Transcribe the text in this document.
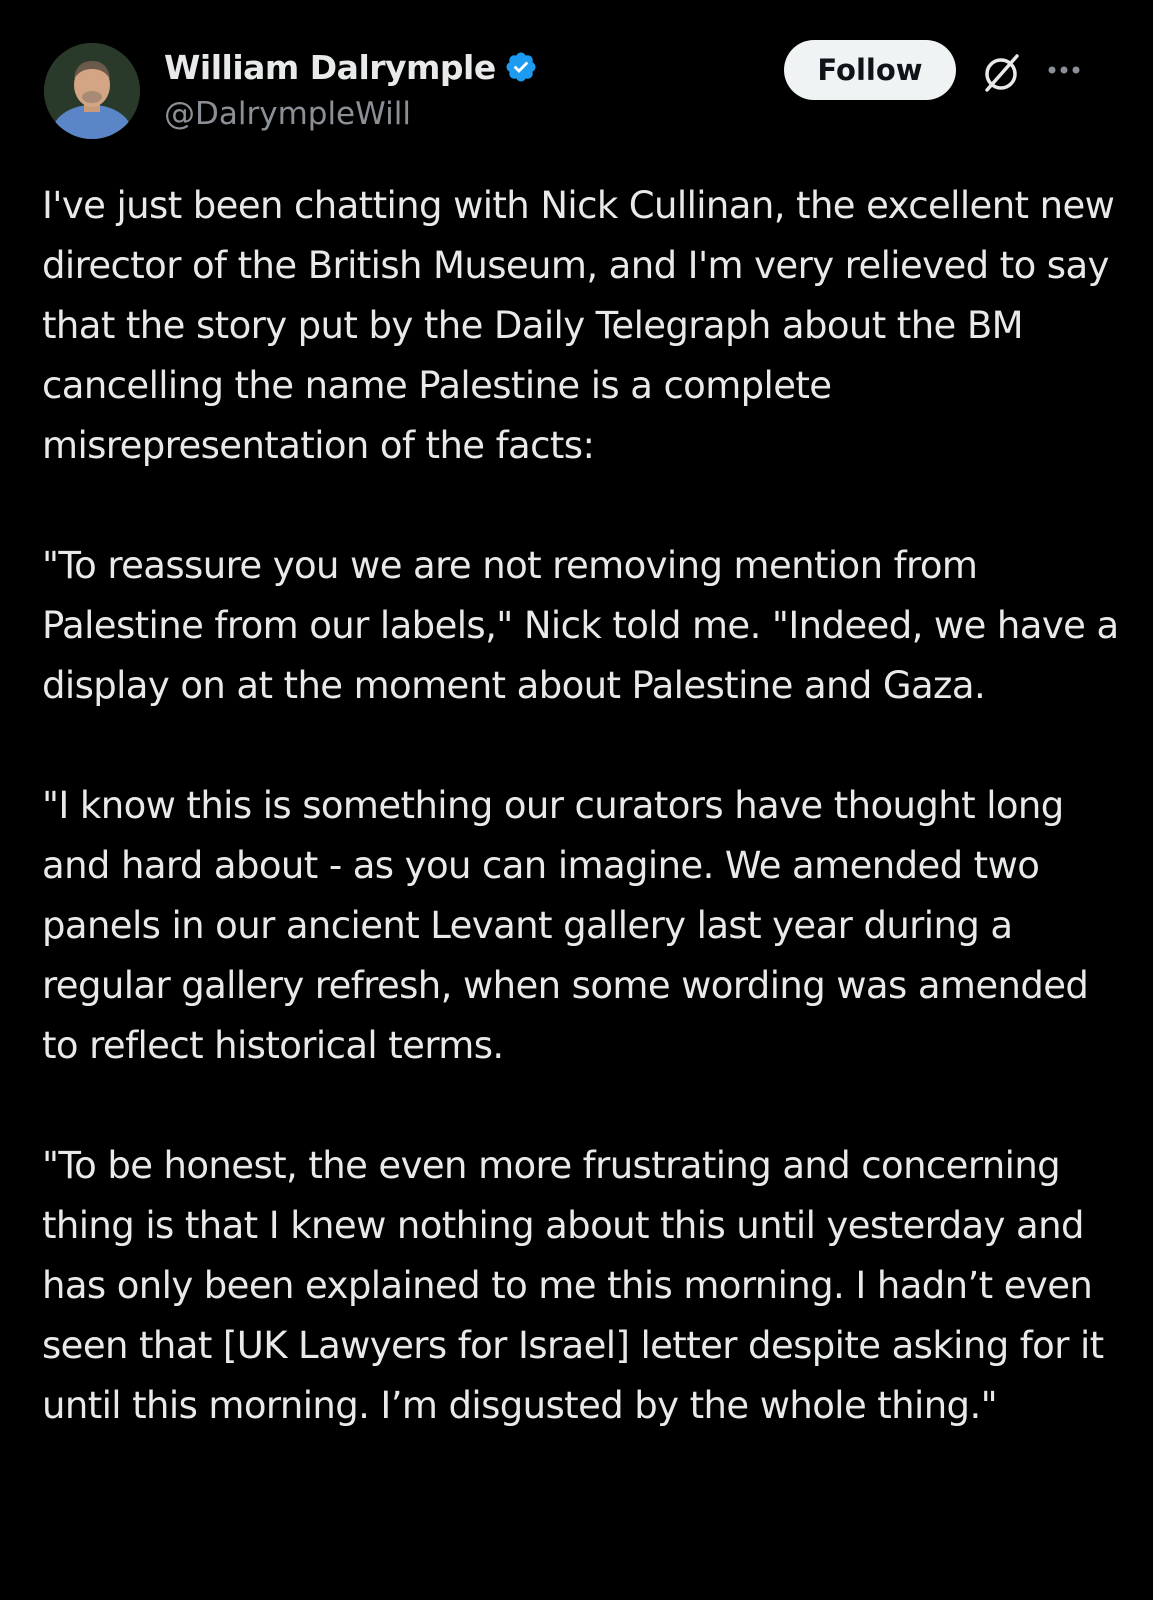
William Dalrymple
@DalrympleWill
Follow

I've just been chatting with Nick Cullinan, the excellent new director of the British Museum, and I'm very relieved to say that the story put by the Daily Telegraph about the BM cancelling the name Palestine is a complete misrepresentation of the facts:

"To reassure you we are not removing mention from Palestine from our labels," Nick told me. "Indeed, we have a display on at the moment about Palestine and Gaza.

"I know this is something our curators have thought long and hard about - as you can imagine. We amended two panels in our ancient Levant gallery last year during a regular gallery refresh, when some wording was amended to reflect historical terms.

"To be honest, the even more frustrating and concerning thing is that I knew nothing about this until yesterday and has only been explained to me this morning. I hadn’t even seen that [UK Lawyers for Israel] letter despite asking for it until this morning. I’m disgusted by the whole thing."
